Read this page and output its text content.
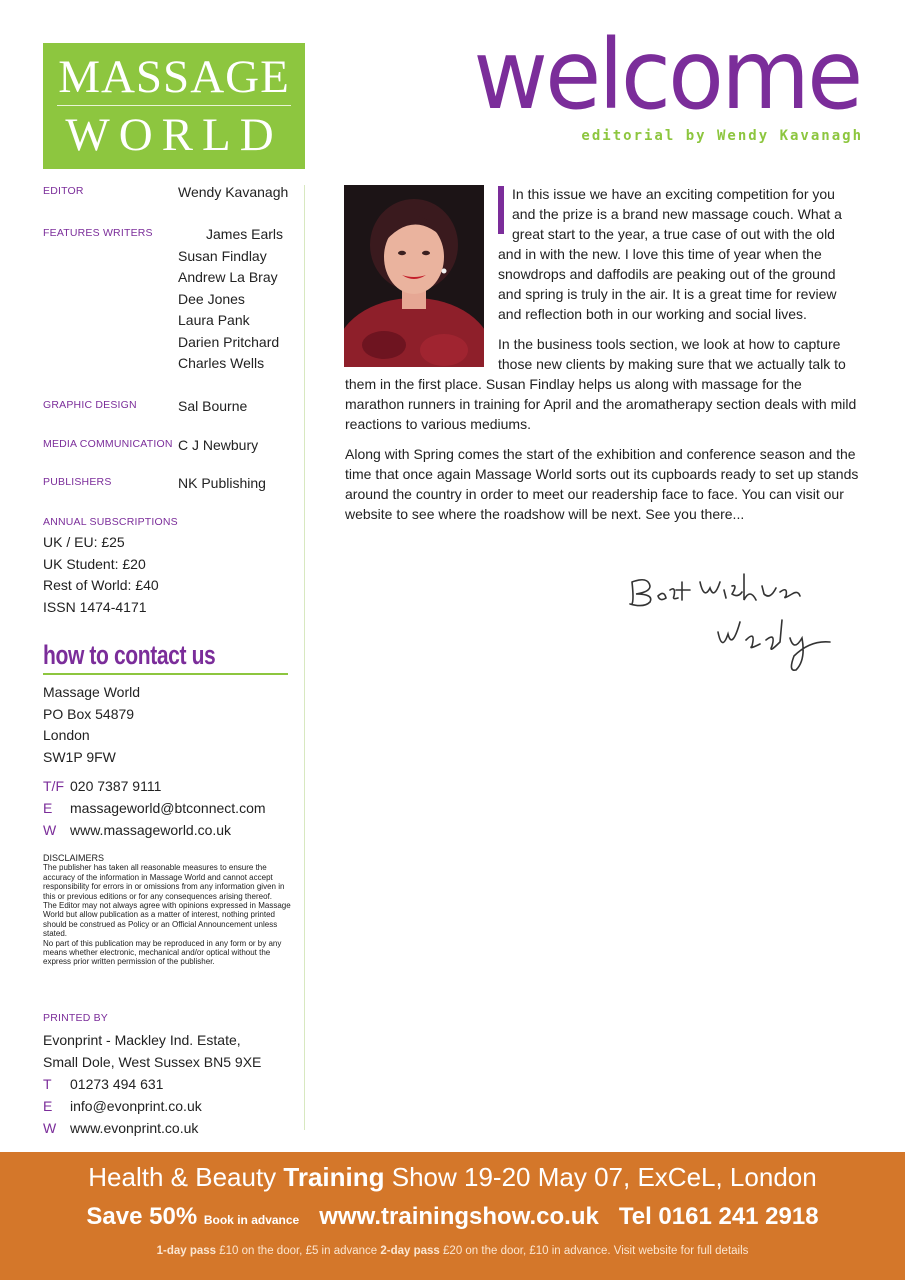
MASSAGE
WORLD
welcome
editorial by Wendy Kavanagh
EDITOR	Wendy Kavanagh
FEATURES WRITERS	James Earls
Susan Findlay
Andrew La Bray
Dee Jones
Laura Pank
Darien Pritchard
Charles Wells
GRAPHIC DESIGN	Sal Bourne
MEDIA COMMUNICATION C J Newbury
PUBLISHERS	NK Publishing
ANNUAL SUBSCRIPTIONS
UK / EU: £25
UK Student: £20
Rest of World: £40
ISSN 1474-4171
how to contact us
Massage World
PO Box 54879
London
SW1P 9FW
T/F 020 7387 9111
E massageworld@btconnect.com
W www.massageworld.co.uk
DISCLAIMERS
The publisher has taken all reasonable measures to ensure the accuracy of the information in Massage World and cannot accept responsibility for errors in or omissions from any information given in this or previous editions or for any consequences arising thereof.
The Editor may not always agree with opinions expressed in Massage World but allow publication as a matter of interest, nothing printed should be construed as Policy or an Official Announcement unless stated.
No part of this publication may be reproduced in any form or by any means whether electronic, mechanical and/or optical without the express prior written permission of the publisher.
PRINTED BY
Evonprint - Mackley Ind. Estate,
Small Dole, West Sussex BN5 9XE
T 01273 494 631
E info@evonprint.co.uk
W www.evonprint.co.uk

In this issue we have an exciting competition for you and the prize is a brand new massage couch. What a great start to the year, a true case of out with the old and in with the new. I love this time of year when the snowdrops and daffodils are peaking out of the ground and spring is truly in the air. It is a great time for review and reflection both in our working and social lives.

In the business tools section, we look at how to capture those new clients by making sure that we actually talk to them in the first place. Susan Findlay helps us along with massage for the marathon runners in training for April and the aromatherapy section deals with mild reactions to various mediums.

Along with Spring comes the start of the exhibition and conference season and the time that once again Massage World sorts out its cupboards ready to set up stands around the country in order to meet our readership face to face. You can visit our website to see where the roadshow will be next. See you there...

Health & Beauty Training Show 19-20 May 07, ExCeL, London
Save 50% Book in advance www.trainingshow.co.uk Tel 0161 241 2918
1-day pass £10 on the door, £5 in advance 2-day pass £20 on the door, £10 in advance. Visit website for full details
